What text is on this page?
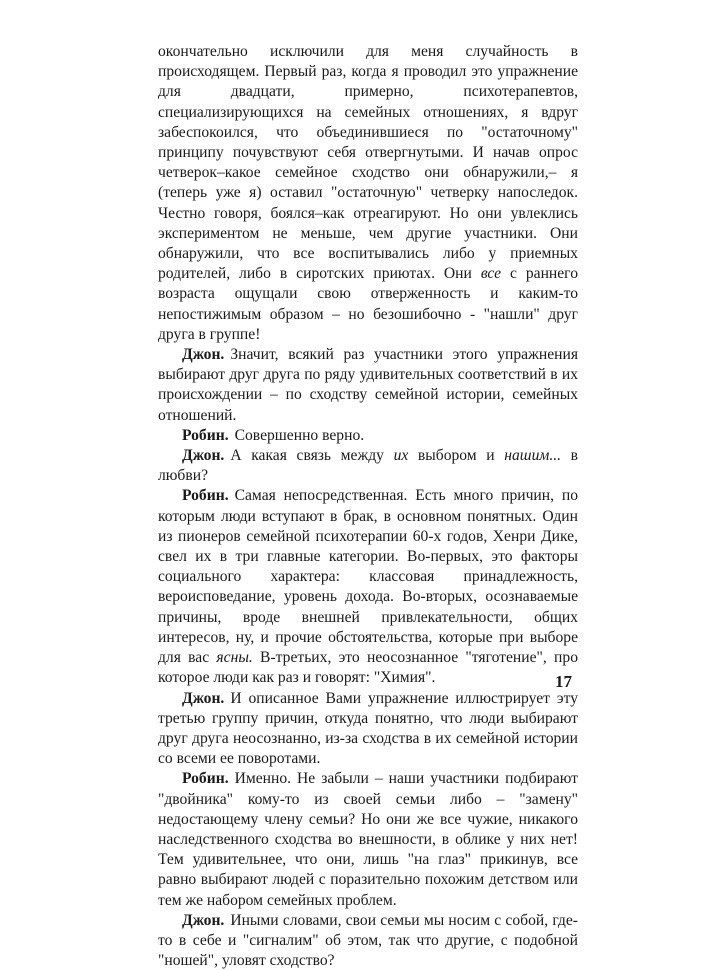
окончательно исключили для меня случайность в происходящем. Первый раз, когда я проводил это упражнение для двадцати, примерно, психотерапевтов, специализирующихся на семейных отношениях, я вдруг забеспокоился, что объединившиеся по "остаточному" принципу почувствуют себя отвергнутыми. И начав опрос четверок–какое семейное сходство они обнаружили,– я (теперь уже я) оставил "остаточную" четверку напоследок. Честно говоря, боялся–как отреагируют. Но они увлеклись экспериментом не меньше, чем другие участники. Они обнаружили, что все воспитывались либо у приемных родителей, либо в сиротских приютах. Они все с раннего возраста ощущали свою отверженность и каким-то непостижимым образом – но безошибочно - "нашли" друг друга в группе!

Джон. Значит, всякий раз участники этого упражнения выбирают друг друга по ряду удивительных соответствий в их происхождении – по сходству семейной истории, семейных отношений.

Робин. Совершенно верно.

Джон. А какая связь между их выбором и нашим... в любви?

Робин. Самая непосредственная. Есть много причин, по которым люди вступают в брак, в основном понятных. Один из пионеров семейной психотерапии 60-х годов, Хенри Дике, свел их в три главные категории. Во-первых, это факторы социального характера: классовая принадлежность, вероисповедание, уровень дохода. Во-вторых, осознаваемые причины, вроде внешней привлекательности, общих интересов, ну, и прочие обстоятельства, которые при выборе для вас ясны. В-третьих, это неосознанное "тяготение", про которое люди как раз и говорят: "Химия".

Джон. И описанное Вами упражнение иллюстрирует эту третью группу причин, откуда понятно, что люди выбирают друг друга неосознанно, из-за сходства в их семейной истории со всеми ее поворотами.

Робин. Именно. Не забыли – наши участники подбирают "двойника" кому-то из своей семьи либо – "замену" недостающему члену семьи? Но они же все чужие, никакого наследственного сходства во внешности, в облике у них нет! Тем удивительнее, что они, лишь "на глаз" прикинув, все равно выбирают людей с поразительно похожим детством или тем же набором семейных проблем.

Джон. Иными словами, свои семьи мы носим с собой, где-то в себе и "сигналим" об этом, так что другие, с подобной "ношей", уловят сходство?

17
